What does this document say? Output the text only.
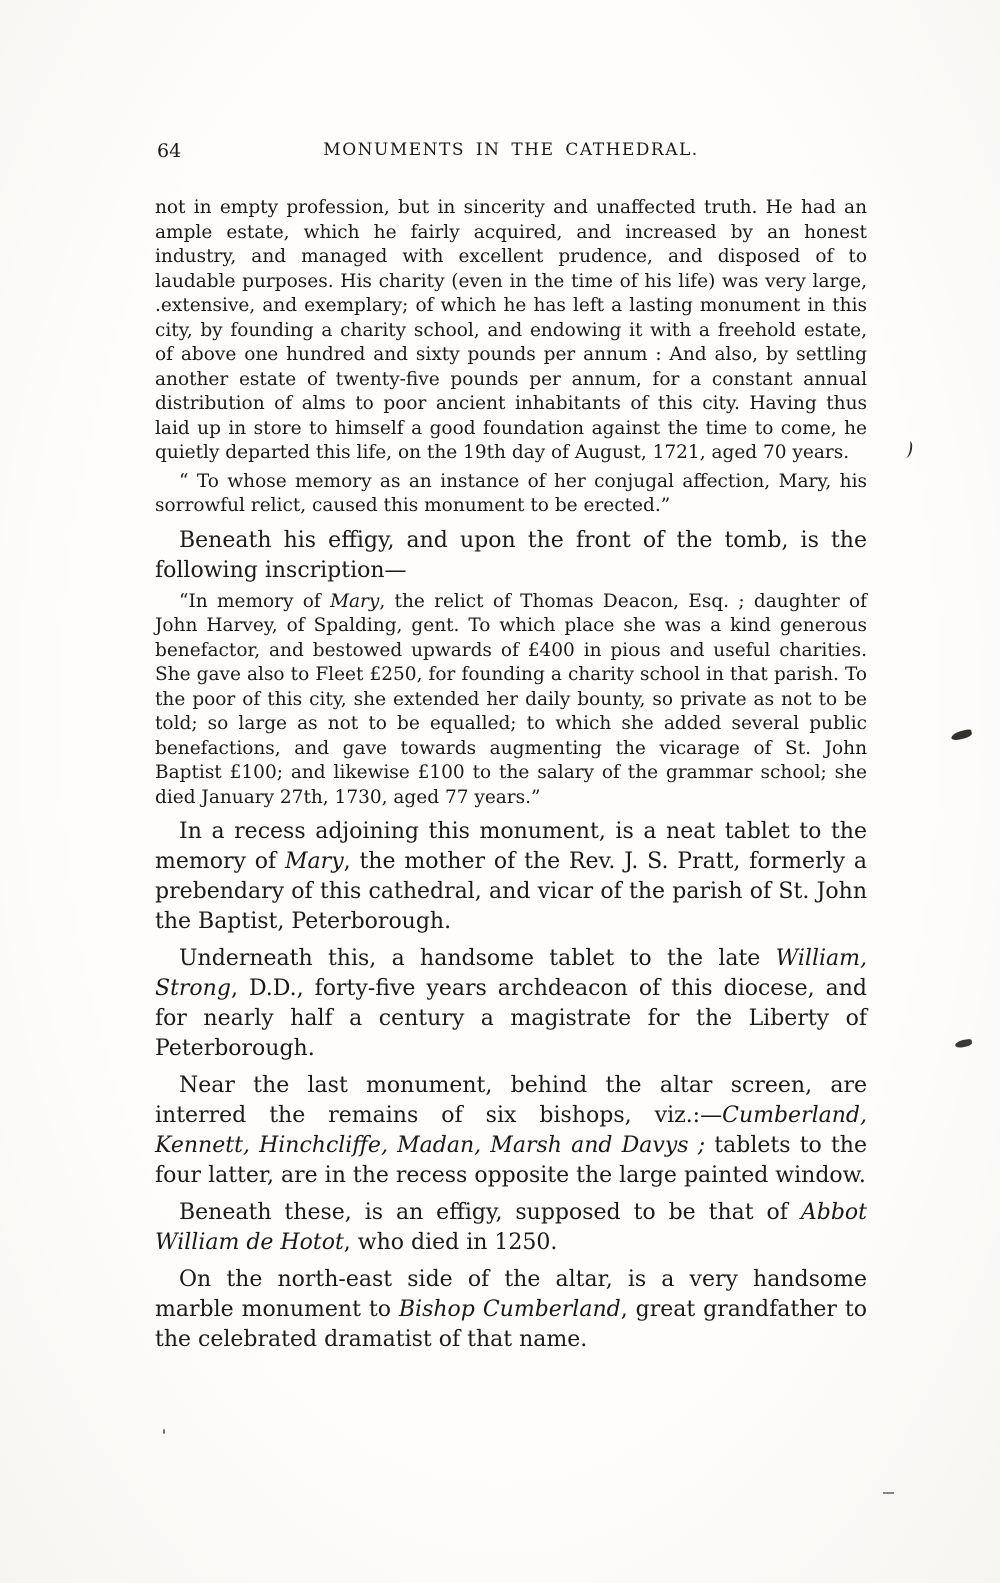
64	MONUMENTS IN THE CATHEDRAL.

not in empty profession, but in sincerity and unaffected truth. He had an ample estate, which he fairly acquired, and increased by an honest industry, and managed with excellent prudence, and disposed of to laudable purposes. His charity (even in the time of his life) was very large, .extensive, and exemplary; of which he has left a lasting monument in this city, by founding a charity school, and endowing it with a freehold estate, of above one hundred and sixty pounds per annum : And also, by settling another estate of twenty-five pounds per annum, for a constant annual distribution of alms to poor ancient inhabitants of this city. Having thus laid up in store to himself a good foundation against the time to come, he quietly departed this life, on the 19th day of August, 1721, aged 70 years.

“ To whose memory as an instance of her conjugal affection, Mary, his sorrowful relict, caused this monument to be erected.”

Beneath his effigy, and upon the front of the tomb, is the following inscription—

“In memory of Mary, the relict of Thomas Deacon, Esq. ; daughter of John Harvey, of Spalding, gent. To which place she was a kind generous benefactor, and bestowed upwards of £400 in pious and useful charities. She gave also to Fleet £250, for founding a charity school in that parish. To the poor of this city, she extended her daily bounty, so private as not to be told; so large as not to be equalled; to which she added several public benefactions, and gave towards augmenting the vicarage of St. John Baptist £100; and likewise £100 to the salary of the grammar school; she died January 27th, 1730, aged 77 years.”

In a recess adjoining this monument, is a neat tablet to the memory of Mary, the mother of the Rev. J. S. Pratt, formerly a prebendary of this cathedral, and vicar of the parish of St. John the Baptist, Peterborough.

Underneath this, a handsome tablet to the late William, Strong, D.D., forty-five years archdeacon of this diocese, and for nearly half a century a magistrate for the Liberty of Peterborough.

Near the last monument, behind the altar screen, are interred the remains of six bishops, viz.:—Cumberland, Kennett, Hinchcliffe, Madan, Marsh and Davys ; tablets to the four latter, are in the recess opposite the large painted window.

Beneath these, is an effigy, supposed to be that of Abbot William de Hotot, who died in 1250.

On the north-east side of the altar, is a very handsome marble monument to Bishop Cumberland, great grandfather to the celebrated dramatist of that name.
